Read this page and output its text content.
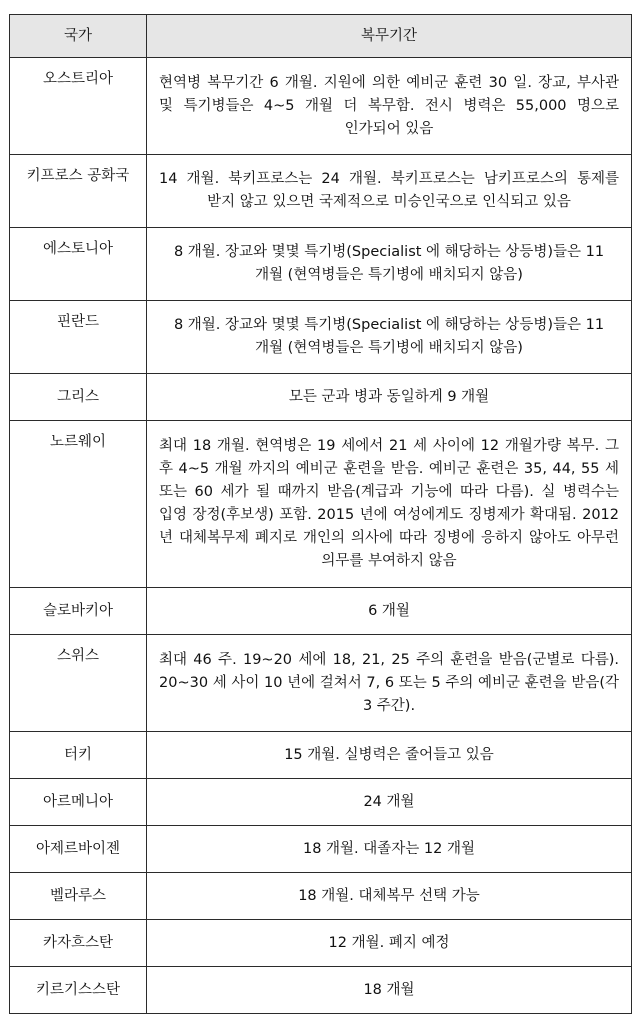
국가	복무기간
오스트리아	현역병 복무기간 6 개월. 지원에 의한 예비군 훈련 30 일. 장교, 부사관 및 특기병들은 4~5 개월 더 복무함. 전시 병력은 55,000 명으로 인가되어 있음
키프로스 공화국	14 개월. 북키프로스는 24 개월. 북키프로스는 남키프로스의 통제를 받지 않고 있으면 국제적으로 미승인국으로 인식되고 있음
에스토니아	8 개월. 장교와 몇몇 특기병(Specialist 에 해당하는 상등병)들은 11 개월 (현역병들은 특기병에 배치되지 않음)
핀란드	8 개월. 장교와 몇몇 특기병(Specialist 에 해당하는 상등병)들은 11 개월 (현역병들은 특기병에 배치되지 않음)
그리스	모든 군과 병과 동일하게 9 개월
노르웨이	최대 18 개월. 현역병은 19 세에서 21 세 사이에 12 개월가량 복무. 그 후 4~5 개월 까지의 예비군 훈련을 받음. 예비군 훈련은 35, 44, 55 세 또는 60 세가 될 때까지 받음(계급과 기능에 따라 다름). 실 병력수는 입영 장정(후보생) 포함. 2015 년에 여성에게도 징병제가 확대됨. 2012 년 대체복무제 폐지로 개인의 의사에 따라 징병에 응하지 않아도 아무런 의무를 부여하지 않음
슬로바키아	6 개월
스위스	최대 46 주. 19~20 세에 18, 21, 25 주의 훈련을 받음(군별로 다름). 20~30 세 사이 10 년에 걸쳐서 7, 6 또는 5 주의 예비군 훈련을 받음(각 3 주간).
터키	15 개월. 실병력은 줄어들고 있음
아르메니아	24 개월
아제르바이젠	18 개월. 대졸자는 12 개월
벨라루스	18 개월. 대체복무 선택 가능
카자흐스탄	12 개월. 폐지 예정
키르기스스탄	18 개월
